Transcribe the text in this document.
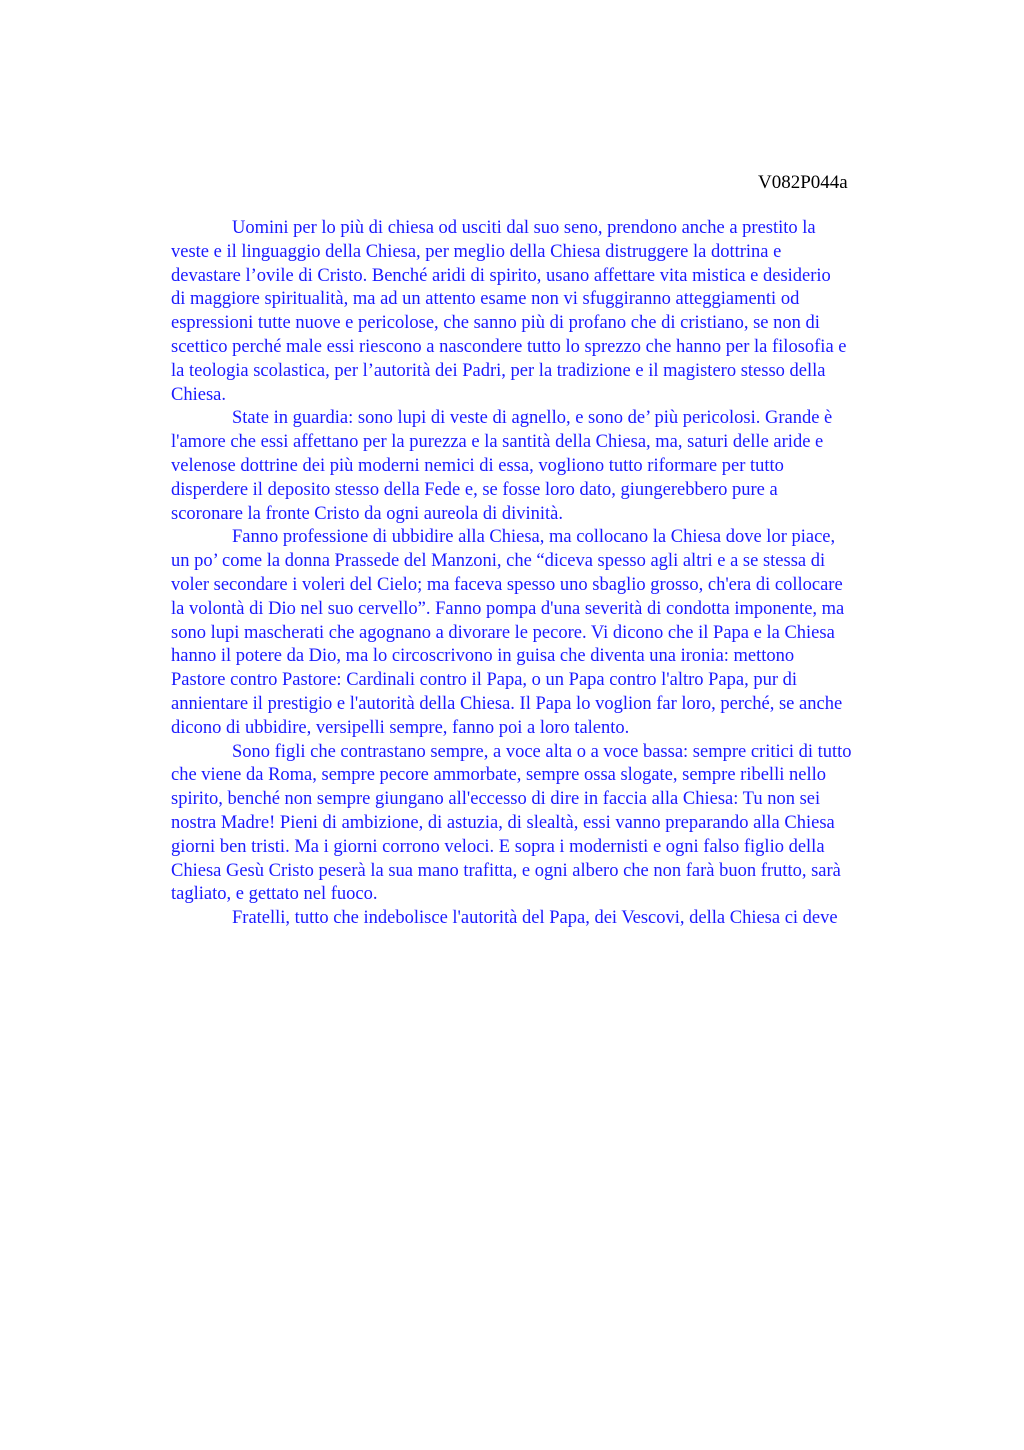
V082P044a

Uomini per lo più di chiesa od usciti dal suo seno, prendono anche a prestito la
veste e il linguaggio della Chiesa, per meglio della Chiesa distruggere la dottrina e
devastare l’ovile di Cristo. Benché aridi di spirito, usano affettare vita mistica e desiderio
di maggiore spiritualità, ma ad un attento esame non vi sfuggiranno atteggiamenti od
espressioni tutte nuove e pericolose, che sanno più di profano che di cristiano, se non di
scettico perché male essi riescono a nascondere tutto lo sprezzo che hanno per la filosofia e
la teologia scolastica, per l’autorità dei Padri, per la tradizione e il magistero stesso della
Chiesa.

State in guardia: sono lupi di veste di agnello, e sono de’ più pericolosi. Grande è
l'amore che essi affettano per la purezza e la santità della Chiesa, ma, saturi delle aride e
velenose dottrine dei più moderni nemici di essa, vogliono tutto riformare per tutto
disperdere il deposito stesso della Fede e, se fosse loro dato, giungerebbero pure a
scoronare la fronte Cristo da ogni aureola di divinità.

Fanno professione di ubbidire alla Chiesa, ma collocano la Chiesa dove lor piace,
un po’ come la donna Prassede del Manzoni, che “diceva spesso agli altri e a se stessa di
voler secondare i voleri del Cielo; ma faceva spesso uno sbaglio grosso, ch'era di collocare
la volontà di Dio nel suo cervello”. Fanno pompa d'una severità di condotta imponente, ma
sono lupi mascherati che agognano a divorare le pecore. Vi dicono che il Papa e la Chiesa
hanno il potere da Dio, ma lo circoscrivono in guisa che diventa una ironia: mettono
Pastore contro Pastore: Cardinali contro il Papa, o un Papa contro l'altro Papa, pur di
annientare il prestigio e l'autorità della Chiesa. Il Papa lo voglion far loro, perché, se anche
dicono di ubbidire, versipelli sempre, fanno poi a loro talento.

Sono figli che contrastano sempre, a voce alta o a voce bassa: sempre critici di tutto
che viene da Roma, sempre pecore ammorbate, sempre ossa slogate, sempre ribelli nello
spirito, benché non sempre giungano all'eccesso di dire in faccia alla Chiesa: Tu non sei
nostra Madre! Pieni di ambizione, di astuzia, di slealtà, essi vanno preparando alla Chiesa
giorni ben tristi. Ma i giorni corrono veloci. E sopra i modernisti e ogni falso figlio della
Chiesa Gesù Cristo peserà la sua mano trafitta, e ogni albero che non farà buon frutto, sarà
tagliato, e gettato nel fuoco.

Fratelli, tutto che indebolisce l'autorità del Papa, dei Vescovi, della Chiesa ci deve
